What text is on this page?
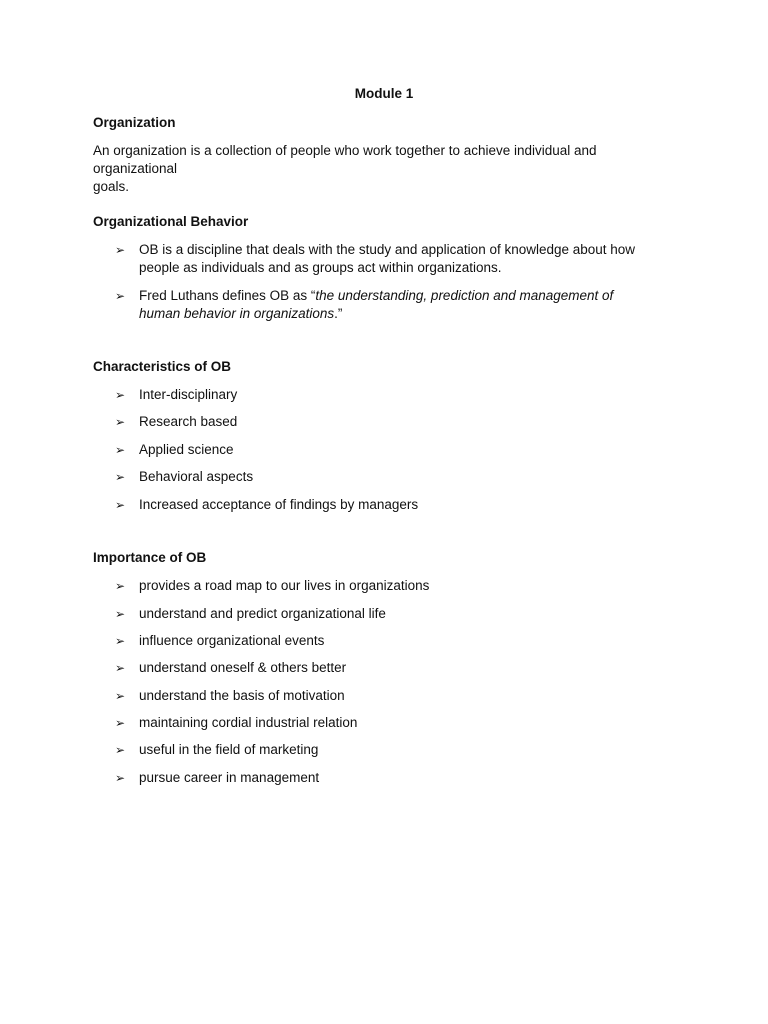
Module 1
Organization
An organization is a collection of people who work together to achieve individual and organizational
goals.
Organizational Behavior
➢	OB is a discipline that deals with the study and application of knowledge about how people as individuals and as groups act within organizations.
➢	Fred Luthans defines OB as “the understanding, prediction and management of human behavior in organizations.”
Characteristics of OB
➢	Inter-disciplinary
➢	Research based
➢	Applied science
➢	Behavioral aspects
➢	Increased acceptance of findings by managers
Importance of OB
➢	provides a road map to our lives in organizations
➢	understand and predict organizational life
➢	influence organizational events
➢	understand oneself & others better
➢	understand the basis of motivation
➢	maintaining cordial industrial relation
➢	useful in the field of marketing
➢	pursue career in management
